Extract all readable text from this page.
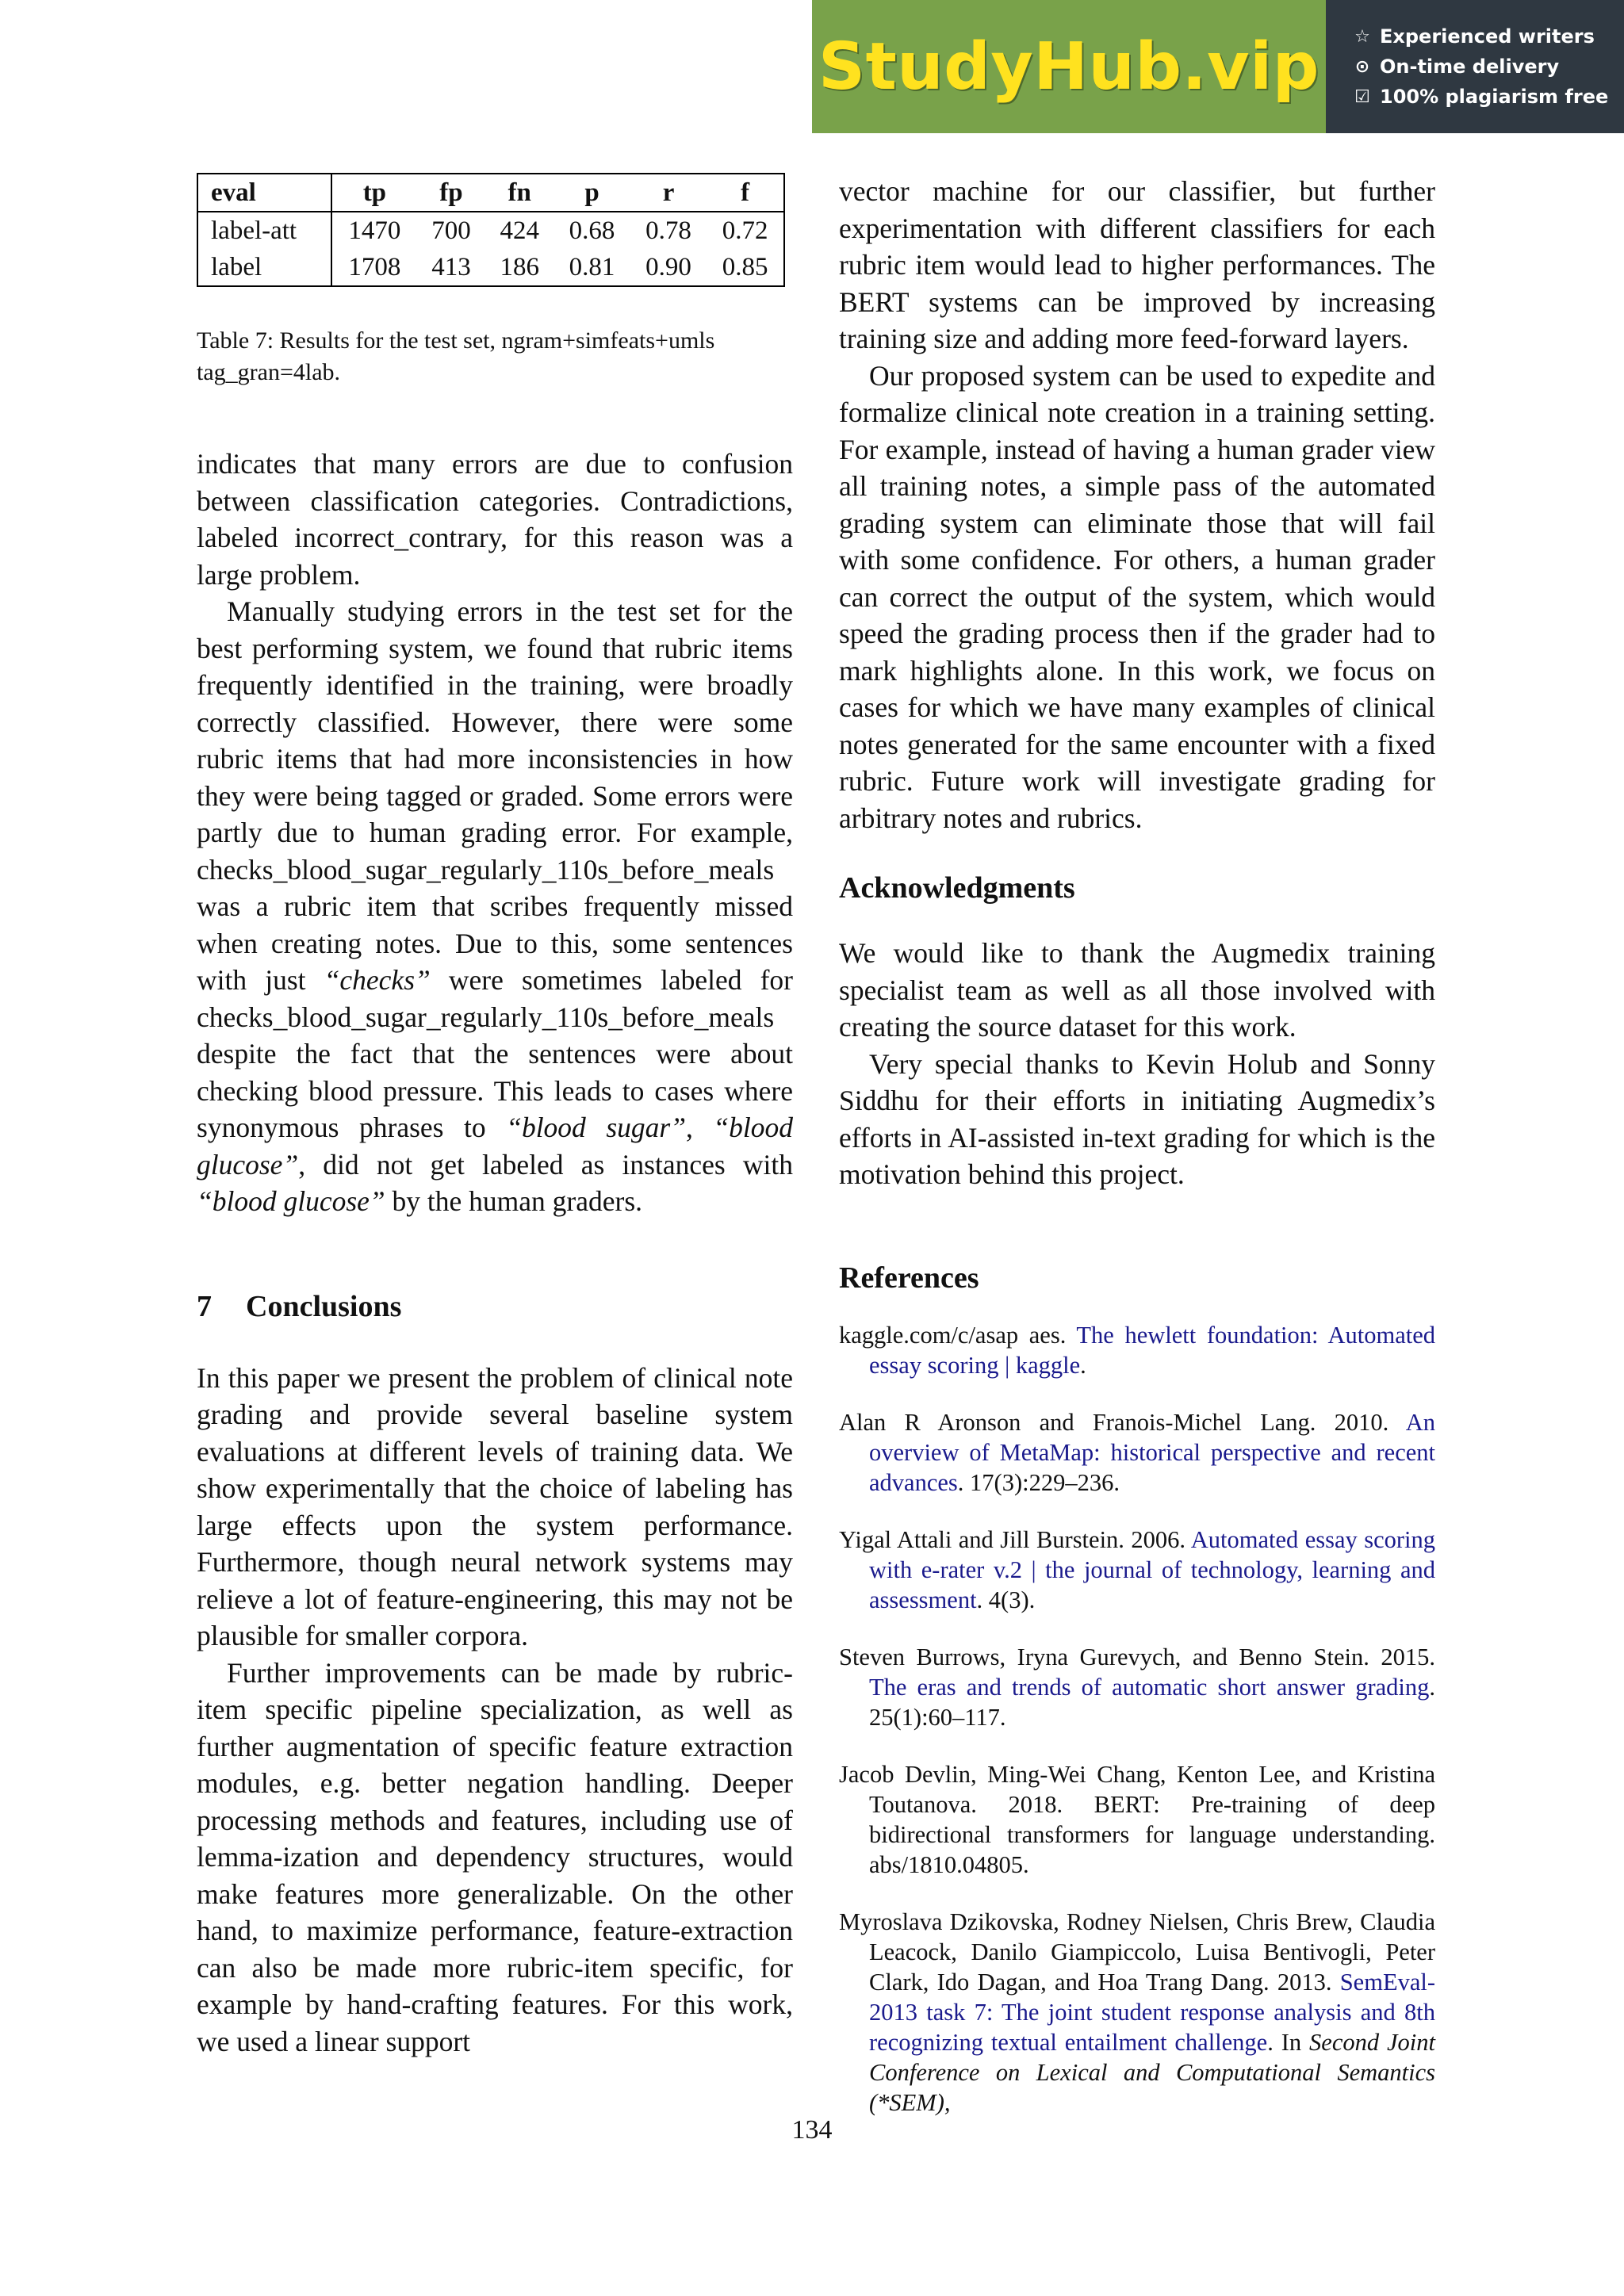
StudyHub.vip ☆ Experienced writers
⊙ On-time delivery
☑ 100% plagiarism free
eval	tp	fp	fn	p	r	f
label-att	1470	700	424	0.68	0.78	0.72
label	1708	413	186	0.81	0.90	0.85
Table 7: Results for the test set, ngram+simfeats+umls tag_gran=4lab.

indicates that many errors are due to confusion between classification categories. Contradictions, labeled incorrect_contrary, for this reason was a large problem.

Manually studying errors in the test set for the best performing system, we found that rubric items frequently identified in the training, were broadly correctly classified. However, there were some rubric items that had more inconsistencies in how they were being tagged or graded. Some errors were partly due to human grading error. For example, checks_blood_sugar_regularly_110s_before_meals was a rubric item that scribes frequently missed when creating notes. Due to this, some sentences with just “checks” were sometimes labeled for checks_blood_sugar_regularly_110s_before_meals despite the fact that the sentences were about checking blood pressure. This leads to cases where synonymous phrases to “blood sugar”, “blood glucose”, did not get labeled as instances with “blood glucose” by the human graders.

7 Conclusions

In this paper we present the problem of clinical note grading and provide several baseline system evaluations at different levels of training data. We show experimentally that the choice of labeling has large effects upon the system performance. Furthermore, though neural network systems may relieve a lot of feature-engineering, this may not be plausible for smaller corpora.

Further improvements can be made by rubric-item specific pipeline specialization, as well as further augmentation of specific feature extraction modules, e.g. better negation handling. Deeper processing methods and features, including use of lemma-ization and dependency structures, would make features more generalizable. On the other hand, to maximize performance, feature-extraction can also be made more rubric-item specific, for example by hand-crafting features. For this work, we used a linear support

vector machine for our classifier, but further experimentation with different classifiers for each rubric item would lead to higher performances. The BERT systems can be improved by increasing training size and adding more feed-forward layers.

Our proposed system can be used to expedite and formalize clinical note creation in a training setting. For example, instead of having a human grader view all training notes, a simple pass of the automated grading system can eliminate those that will fail with some confidence. For others, a human grader can correct the output of the system, which would speed the grading process then if the grader had to mark highlights alone. In this work, we focus on cases for which we have many examples of clinical notes generated for the same encounter with a fixed rubric. Future work will investigate grading for arbitrary notes and rubrics.

Acknowledgments

We would like to thank the Augmedix training specialist team as well as all those involved with creating the source dataset for this work.

Very special thanks to Kevin Holub and Sonny Siddhu for their efforts in initiating Augmedix’s efforts in AI-assisted in-text grading for which is the motivation behind this project.

References
kaggle.com/c/asap aes. The hewlett foundation: Automated essay scoring | kaggle.
Alan R Aronson and Franois-Michel Lang. 2010. An overview of MetaMap: historical perspective and recent advances. 17(3):229–236.
Yigal Attali and Jill Burstein. 2006. Automated essay scoring with e-rater v.2 | the journal of technology, learning and assessment. 4(3).
Steven Burrows, Iryna Gurevych, and Benno Stein. 2015. The eras and trends of automatic short answer grading. 25(1):60–117.
Jacob Devlin, Ming-Wei Chang, Kenton Lee, and Kristina Toutanova. 2018. BERT: Pre-training of deep bidirectional transformers for language understanding. abs/1810.04805.
Myroslava Dzikovska, Rodney Nielsen, Chris Brew, Claudia Leacock, Danilo Giampiccolo, Luisa Bentivogli, Peter Clark, Ido Dagan, and Hoa Trang Dang. 2013. SemEval-2013 task 7: The joint student response analysis and 8th recognizing textual entailment challenge. In Second Joint Conference on Lexical and Computational Semantics (*SEM),
134
